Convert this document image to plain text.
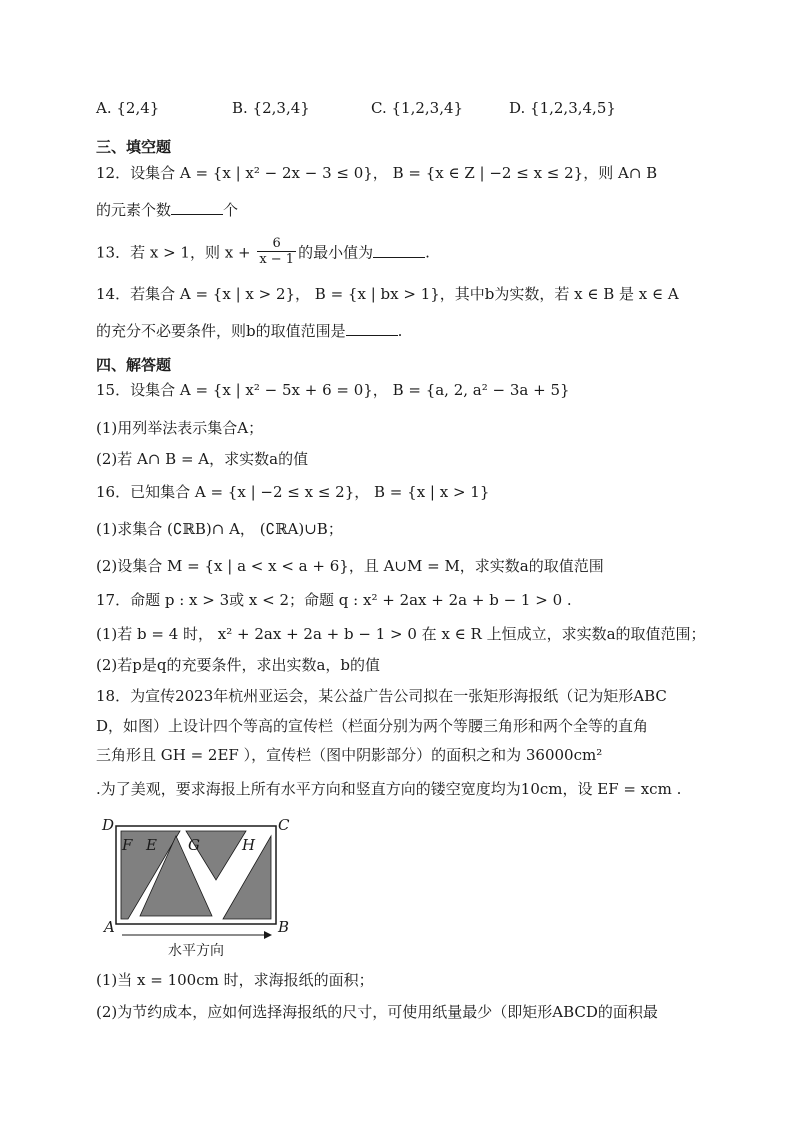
A. {2,4}	B. {2,3,4}	C. {1,2,3,4}	D. {1,2,3,4,5}
三、填空题
12．设集合 A = {x | x² − 2x − 3 ≤ 0}， B = {x ∈ Z | −2 ≤ x ≤ 2}，则 A∩ B
的元素个数	个
13．若 x > 1，则 $x + \frac{6}{x - 1}$ 的最小值为	.
14．若集合 A = {x | x > 2}， B = {x | bx > 1}，其中b为实数，若 x ∈ B 是 x ∈ A
的充分不必要条件，则b的取值范围是	.
四、解答题
15．设集合 A = {x | x² − 5x + 6 = 0}， B = {a, 2, a² − 3a + 5}
(1)用列举法表示集合A；
(2)若 A∩ B = A，求实数a的值
16．已知集合 A = {x | −2 ≤ x ≤ 2}， B = {x | x > 1}
(1)求集合 (∁ℝB)∩ A， (∁ℝA)∪B；
(2)设集合 M = {x | a < x < a + 6}，且 A∪M = M，求实数a的取值范围
17．命题 p : x > 3或 x < 2；命题 q : x² + 2ax + 2a + b − 1 > 0 .
(1)若 b = 4 时， x² + 2ax + 2a + b − 1 > 0 在 x ∈ R 上恒成立，求实数a的取值范围；
(2)若p是q的充要条件，求出实数a，b的值
18．为宣传2023年杭州亚运会，某公益广告公司拟在一张矩形海报纸（记为矩形ABC
D，如图）上设计四个等高的宣传栏（栏面分别为两个等腰三角形和两个全等的直角
三角形且 GH = 2EF ），宣传栏（图中阴影部分）的面积之和为 36000cm²
.为了美观，要求海报上所有水平方向和竖直方向的镂空宽度均为10cm，设 EF = xcm .
D	C
A	B
F E G	H
水平方向
(1)当 x = 100cm 时，求海报纸的面积；
(2)为节约成本，应如何选择海报纸的尺寸，可使用纸量最少（即矩形ABCD的面积最
